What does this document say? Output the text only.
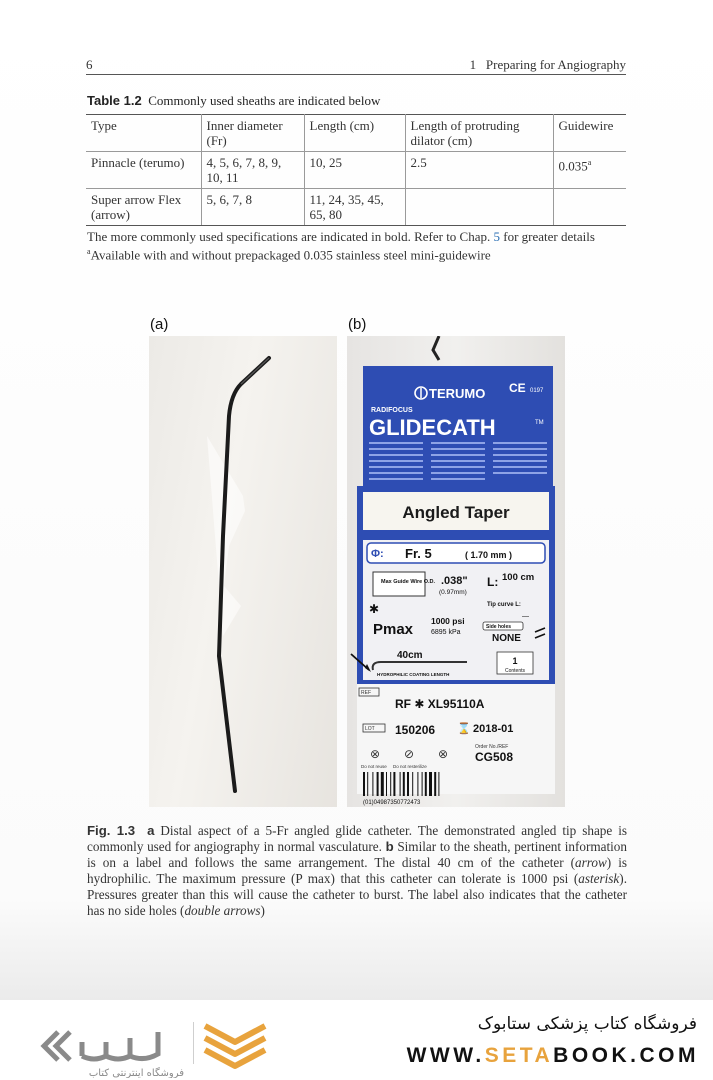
6	1   Preparing for Angiography
Table 1.2 Commonly used sheaths are indicated below
Type	Inner diameter (Fr)	Length (cm)	Length of protruding dilator (cm)	Guidewire
Pinnacle (terumo)	4, 5, 6, 7, 8, 9, 10, 11	10, 25	2.5	0.035$^a$
Super arrow Flex (arrow)	5, 6, 7, 8	11, 24, 35, 45, 65, 80		
The more commonly used specifications are indicated in bold. Refer to Chap. 5 for greater details
$^a$Available with and without prepackaged 0.035 stainless steel mini-guidewire
(a)	(b)
TERUMO CE 0197
RADIFOCUS
GLIDECATH	TM
Angled Taper
Φ: Fr. 5	( 1.70 mm )
Max Guide Wire O.D. .038"
(0.97mm)
L: 100 cm
Tip curve L:
—
✱
Pmax 1000 psi
6895 kPa
Side holes
NONE
40cm
HYDROPHILIC COATING LENGTH
1
Contents
REF
RF ✱ XL95110A
LOT 150206 ⌛ 2018-01
⊗ ⊘ ⊗
Do not reuse Do not resterilize
Order No./REF
CG508
(01)04987350772473
Fig. 1.3 a Distal aspect of a 5-Fr angled glide catheter. The demonstrated angled tip shape is commonly used for angiography in normal vasculature. b Similar to the sheath, pertinent information is on a label and follows the same arrangement. The distal 40 cm of the catheter (arrow) is hydrophilic. The maximum pressure (P max) that this catheter can tolerate is 1000 psi (asterisk). Pressures greater than this will cause the catheter to burst. The label also indicates that the catheter has no side holes (double arrows)
فروشگاه اینترنتی کتاب
فروشگاه کتاب پزشکی ستابوک
WWW.SETABOOK.COM
